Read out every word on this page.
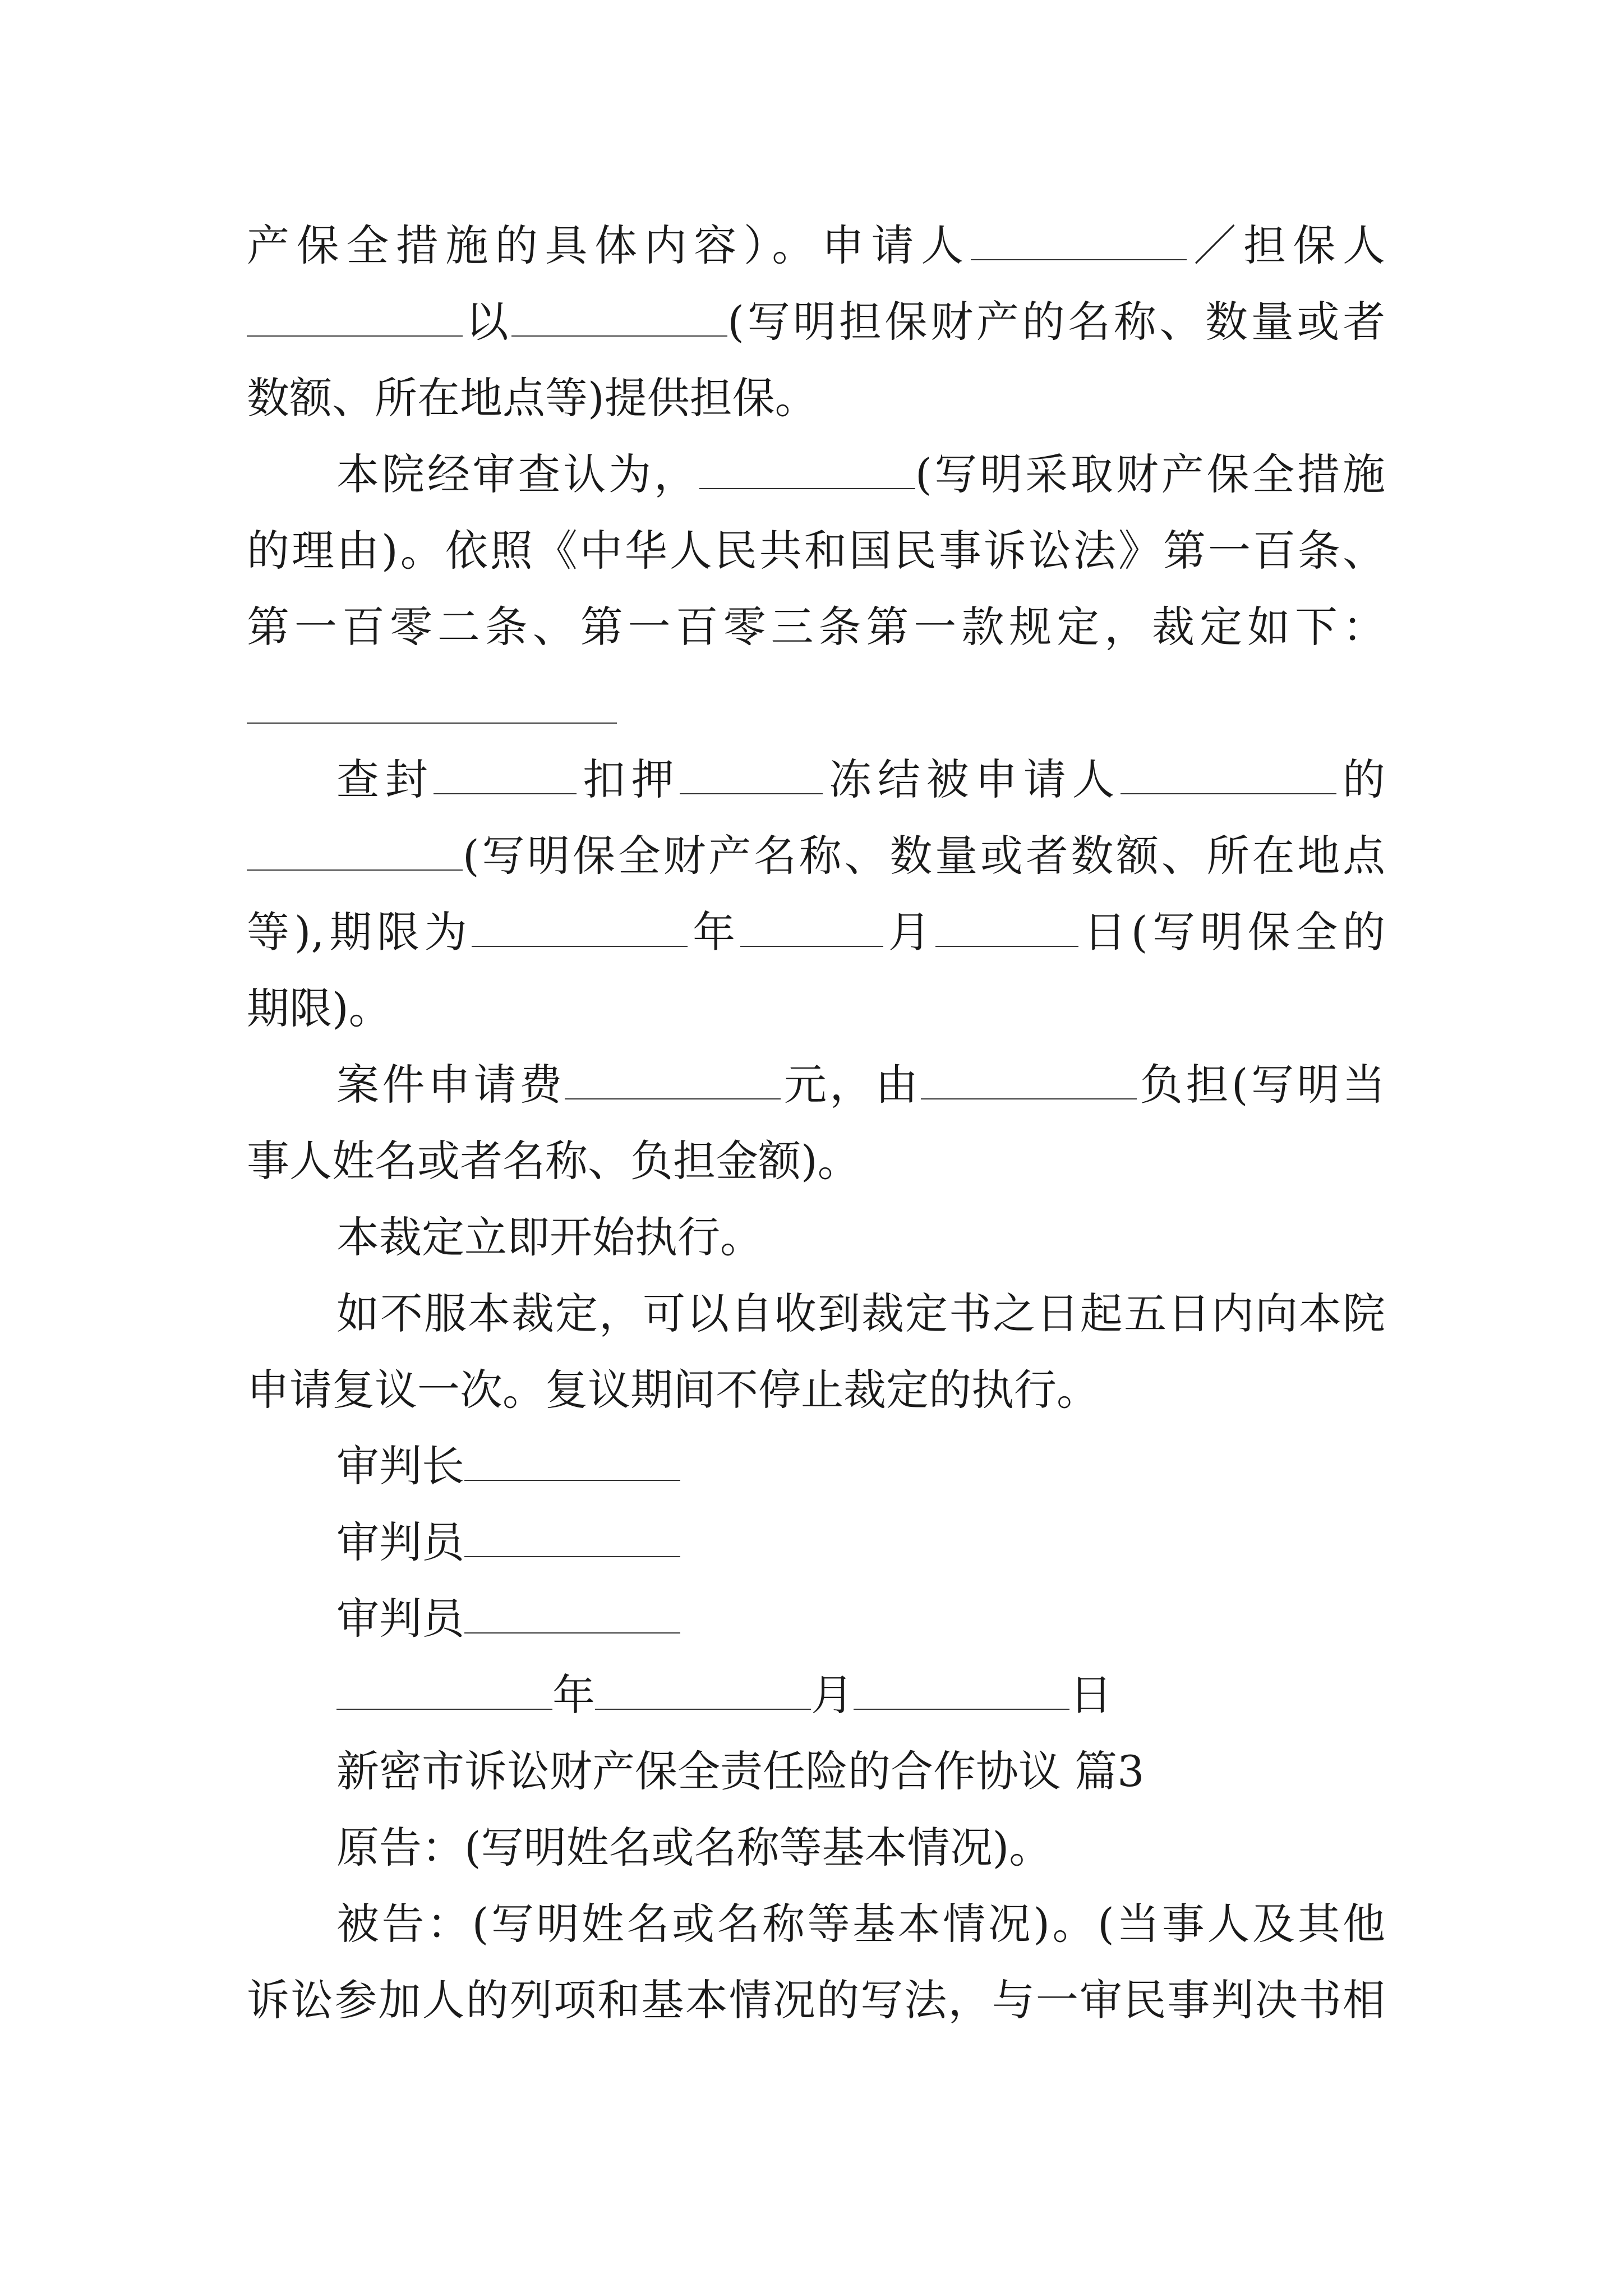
产保全措施的具体内容）。申请人	／担保人
以	(写明担保财产的名称、数量或者
数额、所在地点等)提供担保。
本院经审查认为，	(写明采取财产保全措施
的理由)。依照《中华人民共和国民事诉讼法》第一百条、
第一百零二条、第一百零三条第一款规定，裁定如下：
查封	扣押	冻结被申请人	的
(写明保全财产名称、数量或者数额、所在地点
等),期限为	年	月	日(写明保全的
期限)。
案件申请费	元，由	负担(写明当
事人姓名或者名称、负担金额)。
本裁定立即开始执行。
如不服本裁定，可以自收到裁定书之日起五日内向本院
申请复议一次。复议期间不停止裁定的执行。
审判长
审判员
审判员
年	月	日
新密市诉讼财产保全责任险的合作协议 篇3
原告：(写明姓名或名称等基本情况)。
被告：(写明姓名或名称等基本情况)。(当事人及其他
诉讼参加人的列项和基本情况的写法，与一审民事判决书相
